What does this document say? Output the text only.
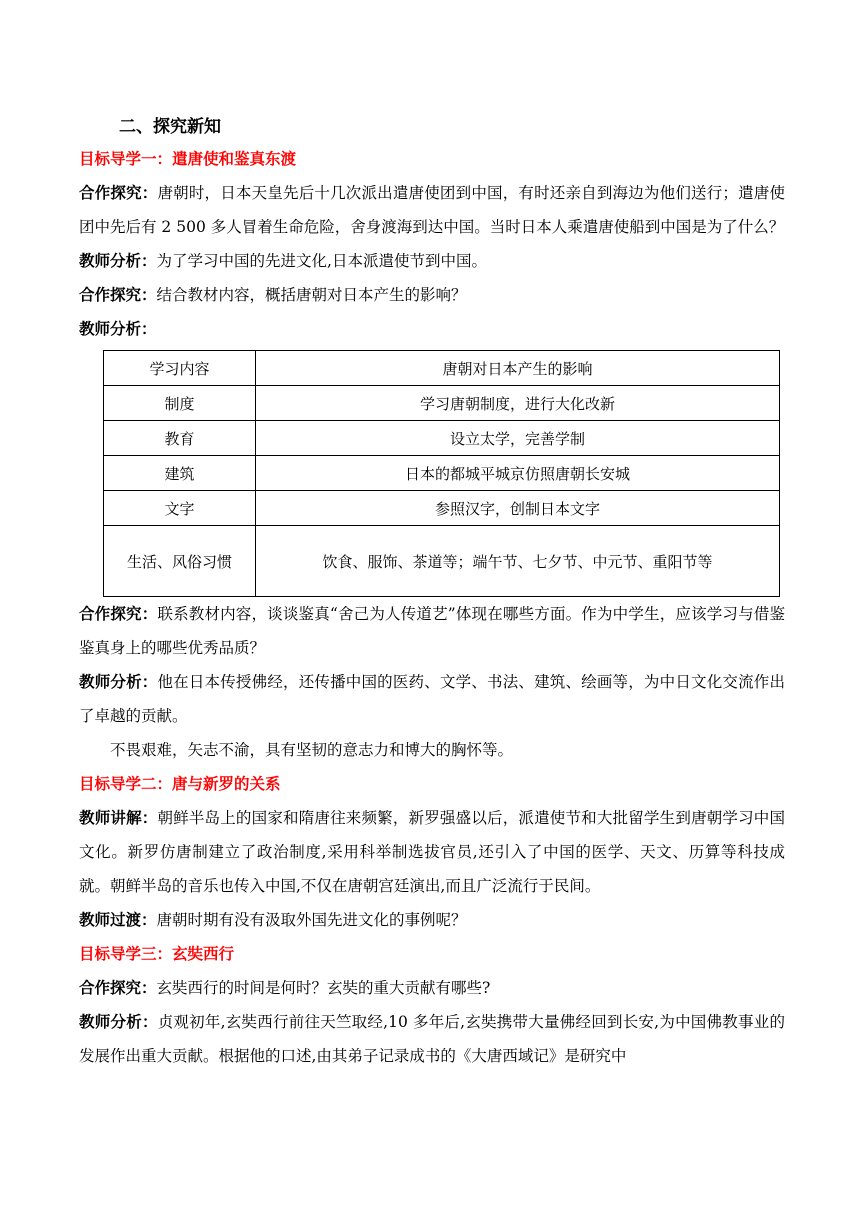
二、探究新知

目标导学一：遣唐使和鉴真东渡

合作探究：唐朝时，日本天皇先后十几次派出遣唐使团到中国，有时还亲自到海边为他们送行；遣唐使团中先后有 2 500 多人冒着生命危险，舍身渡海到达中国。当时日本人乘遣唐使船到中国是为了什么？

教师分析：为了学习中国的先进文化,日本派遣使节到中国。

合作探究：结合教材内容，概括唐朝对日本产生的影响？

教师分析：

学习内容	唐朝对日本产生的影响
制度	学习唐朝制度，进行大化改新
教育	设立太学，完善学制
建筑	日本的都城平城京仿照唐朝长安城
文字	参照汉字，创制日本文字
生活、风俗习惯	饮食、服饰、茶道等；端午节、七夕节、中元节、重阳节等

合作探究：联系教材内容，谈谈鉴真“舍己为人传道艺”体现在哪些方面。作为中学生，应该学习与借鉴鉴真身上的哪些优秀品质？

教师分析：他在日本传授佛经，还传播中国的医药、文学、书法、建筑、绘画等，为中日文化交流作出了卓越的贡献。

不畏艰难，矢志不渝，具有坚韧的意志力和博大的胸怀等。

目标导学二：唐与新罗的关系

教师讲解：朝鲜半岛上的国家和隋唐往来频繁，新罗强盛以后，派遣使节和大批留学生到唐朝学习中国文化。新罗仿唐制建立了政治制度,采用科举制选拔官员,还引入了中国的医学、天文、历算等科技成就。朝鲜半岛的音乐也传入中国,不仅在唐朝宫廷演出,而且广泛流行于民间。

教师过渡：唐朝时期有没有汲取外国先进文化的事例呢？

目标导学三：玄奘西行

合作探究：玄奘西行的时间是何时？玄奘的重大贡献有哪些?

教师分析：贞观初年,玄奘西行前往天竺取经,10 多年后,玄奘携带大量佛经回到长安,为中国佛教事业的发展作出重大贡献。根据他的口述,由其弟子记录成书的《大唐西域记》是研究中
